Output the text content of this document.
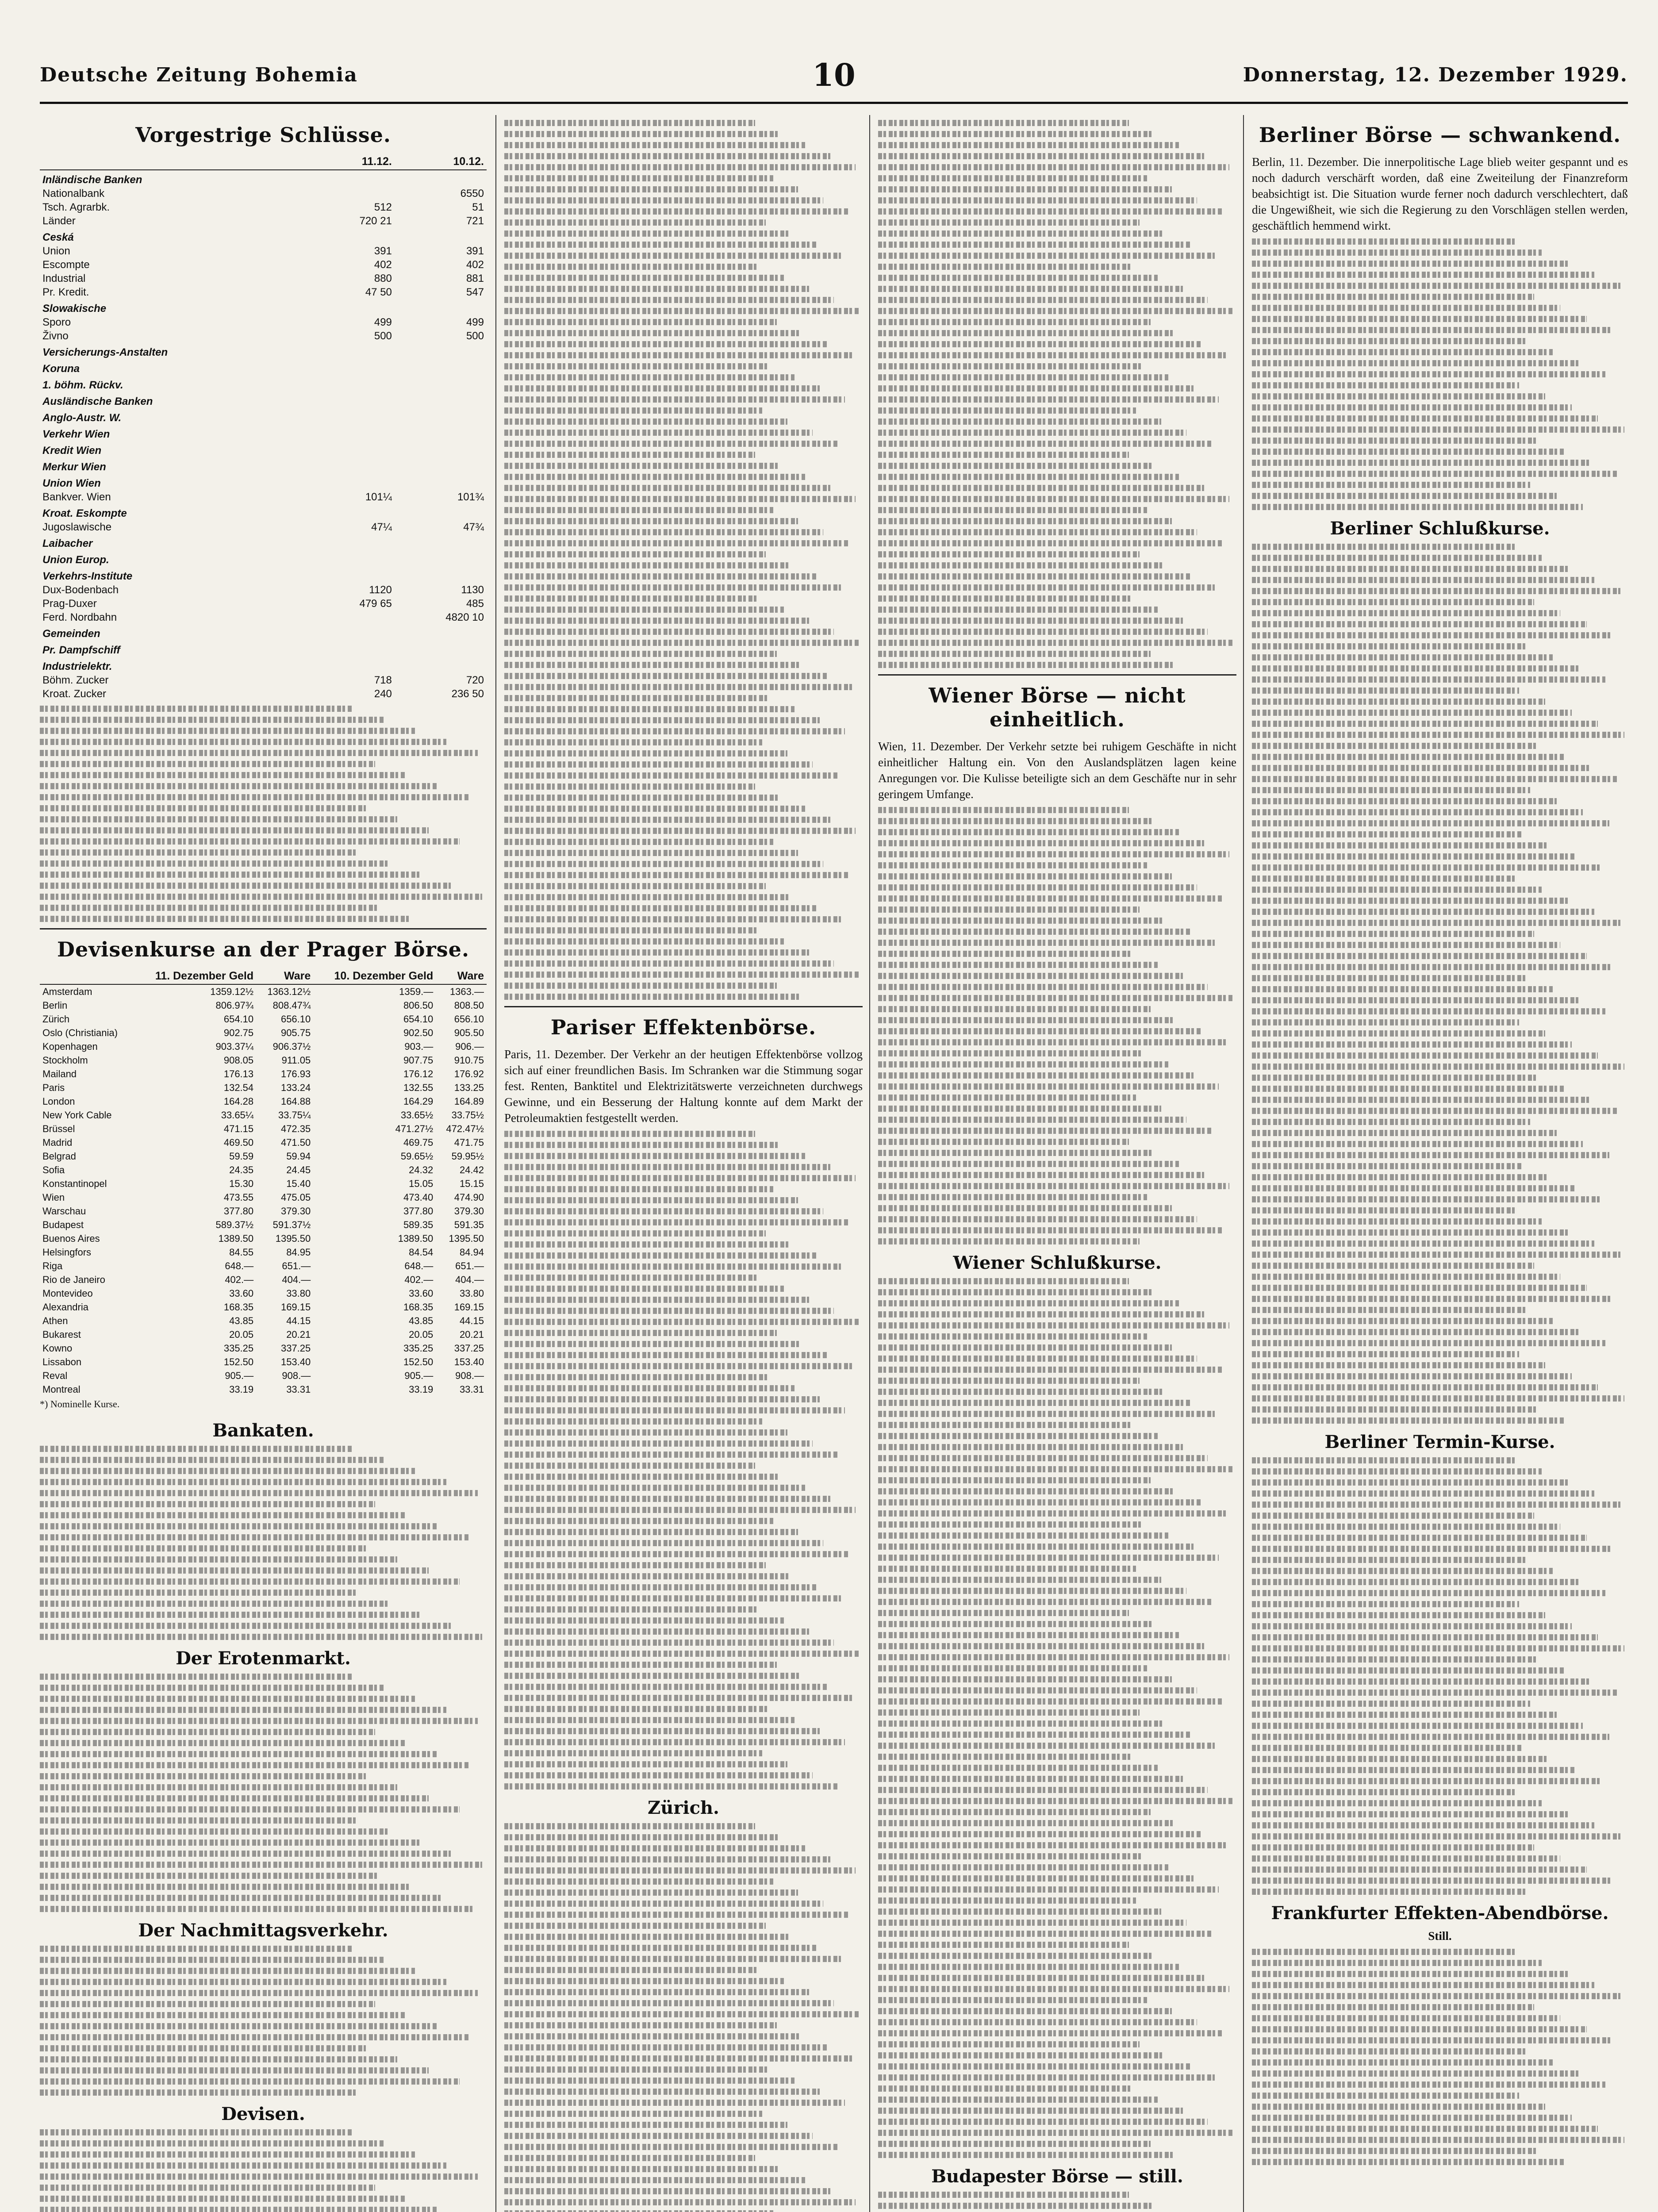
Deutsche Zeitung Bohemia	10	Donnerstag, 12. Dezember 1929.
Vorgestrige Schlüsse.
	11.12.	10.12.
Inländische Banken		
Nationalbank		6550
Tsch. Agrarbk.	512	51
Länder	720 21	721
Ceská		
Union	391	391
Escompte	402	402
Industrial	880	881
Pr. Kredit.	47 50	547
Slowakische		
Sporo	499	499
Živno	500	500
Versicherungs-Anstalten		
Koruna		
1. böhm. Rückv.		
Ausländische Banken		
Anglo-Austr. W.		
Verkehr Wien		
Kredit Wien		
Merkur Wien		
Union Wien		
Bankver. Wien	101¼	101¾
Kroat. Eskompte		
Jugoslawische	47¼	47¾
Laibacher		
Union Europ.		
Verkehrs-Institute		
Dux-Bodenbach	1120	1130
Prag-Duxer	479 65	485
Ferd. Nordbahn		4820 10
Gemeinden		
Pr. Dampfschiff		
Industrielektr.		
Böhm. Zucker	718	720
Kroat. Zucker	240	236 50
Devisenkurse an der Prager Börse.
	11. Dezember Geld	Ware	10. Dezember Geld	Ware
Amsterdam	1359.12½	1363.12½	1359.—	1363.—
Berlin	806.97¾	808.47¾	806.50	808.50
Zürich	654.10	656.10	654.10	656.10
Oslo (Christiania)	902.75	905.75	902.50	905.50
Kopenhagen	903.37¼	906.37½	903.—	906.—
Stockholm	908.05	911.05	907.75	910.75
Mailand	176.13	176.93	176.12	176.92
Paris	132.54	133.24	132.55	133.25
London	164.28	164.88	164.29	164.89
New York Cable	33.65¼	33.75¼	33.65½	33.75½
Brüssel	471.15	472.35	471.27½	472.47½
Madrid	469.50	471.50	469.75	471.75
Belgrad	59.59	59.94	59.65½	59.95½
Sofia	24.35	24.45	24.32	24.42
Konstantinopel	15.30	15.40	15.05	15.15
Wien	473.55	475.05	473.40	474.90
Warschau	377.80	379.30	377.80	379.30
Budapest	589.37½	591.37½	589.35	591.35
Buenos Aires	1389.50	1395.50	1389.50	1395.50
Helsingfors	84.55	84.95	84.54	84.94
Riga	648.—	651.—	648.—	651.—
Rio de Janeiro	402.—	404.—	402.—	404.—
Montevideo	33.60	33.80	33.60	33.80
Alexandria	168.35	169.15	168.35	169.15
Athen	43.85	44.15	43.85	44.15
Bukarest	20.05	20.21	20.05	20.21
Kowno	335.25	337.25	335.25	337.25
Lissabon	152.50	153.40	152.50	153.40
Reval	905.—	908.—	905.—	908.—
Montreal	33.19	33.31	33.19	33.31
*) Nominelle Kurse.
Bankaten.
Der Erotenmarkt.
Der Nachmittagsverkehr.
Devisen.
Pariser Effektenbörse.

Paris, 11. Dezember. Der Verkehr an der heutigen Effektenbörse vollzog sich auf einer freundlichen Basis. Im Schranken war die Stimmung sogar fest. Renten, Banktitel und Elektrizitätswerte verzeichneten durchwegs Gewinne, und ein Besserung der Haltung konnte auf dem Markt der Petroleumaktien festgestellt werden.

Zürich.
Wiener Börse — nicht einheitlich.

Wien, 11. Dezember. Der Verkehr setzte bei ruhigem Geschäfte in nicht einheitlicher Haltung ein. Von den Auslandsplätzen lagen keine Anregungen vor. Die Kulisse beteiligte sich an dem Geschäfte nur in sehr geringem Umfange.

Wiener Schlußkurse.
Budapester Börse — still.
Berliner Börse — schwankend.

Berlin, 11. Dezember. Die innerpolitische Lage blieb weiter gespannt und es noch dadurch verschärft worden, daß eine Zweiteilung der Finanzreform beabsichtigt ist. Die Situation wurde ferner noch dadurch verschlechtert, daß die Ungewißheit, wie sich die Regierung zu den Vorschlägen stellen werden, geschäftlich hemmend wirkt.

Berliner Schlußkurse.
Berliner Termin-Kurse.
Frankfurter Effekten-Abendbörse.
Still.
